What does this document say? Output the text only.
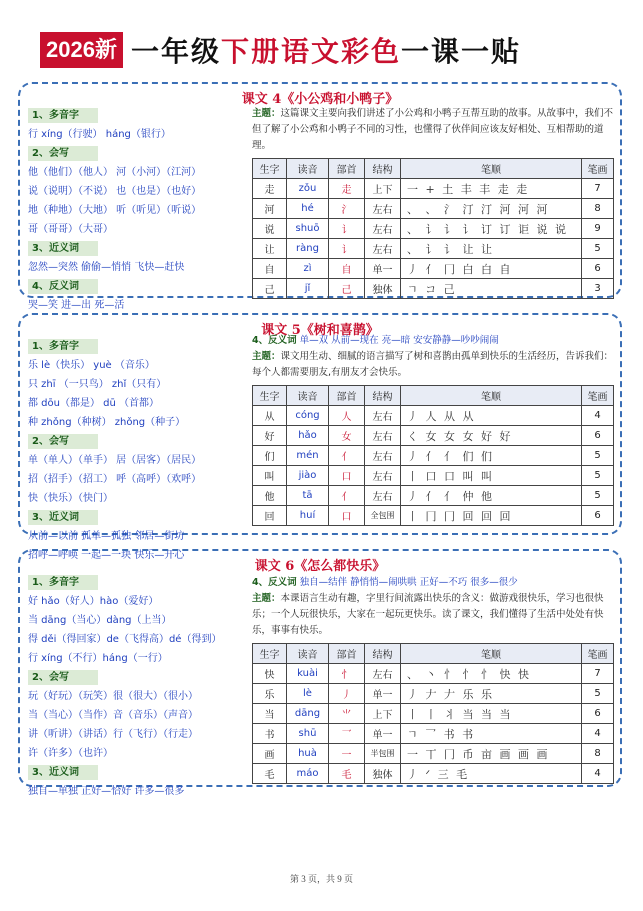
2026新 一年级下册语文彩色一课一贴
课文 4《小公鸡和小鸭子》
1、多音字
行 xíng（行驶） háng（银行）
2、会写
他（他们）（他人） 河（小河）（江河）
说（说明）（不说） 也（也是）（也好）
地（种地）（大地） 听（听见）（听说）
哥（哥哥）（大哥）
3、近义词
忽然—突然 偷偷—悄悄 飞快—赶快
4、反义词
哭—笑 进—出 死—活
主题：这篇课文主要向我们讲述了小公鸡和小鸭子互帮互助的故事。从故事中，我们不但了解了小公鸡和小鸭子不同的习性，也懂得了伙伴间应该友好相处、互相帮助的道理。
生字	读音	部首	结构	笔顺	笔画
走	zǒu	走	上下	一 + 土 丰 丰 走 走	7
河	hé	氵	左右	、 、 氵 汀 汀 河 河 河	8
说	shuō	讠	左右	、 讠 讠 讠 订 订 讵 说 说	9
让	ràng	讠	左右	、 讠 讠 让 让	5
自	zì	自	单一	丿 亻 冂 白 白 自	6
己	jǐ	己	独体	ㄱ コ 己	3
课文 5《树和喜鹊》
1、多音字
乐 lè（快乐） yuè （音乐）
只 zhī （一只鸟） zhǐ（只有）
都 dōu（都是） dū （首都）
种 zhǒng（种树） zhǒng（种子）
2、会写
单（单人）（单手） 居（居客）（居民）
招（招手）（招工） 呼（高呼）（欢呼）
快（快乐）（快门）
3、近义词
从前—以前 孤单—孤独 邻居—街坊
招呼—呼唤 一起—一块 快乐—开心
4、反义词 单—双 从前—现在 亮—暗 安安静静—吵吵闹闹
主题：课文用生动、细腻的语言描写了树和喜鹊由孤单到快乐的生活经历，告诉我们：每个人都需要朋友,有朋友才会快乐。
生字	读音	部首	结构	笔顺	笔画
从	cóng	人	左右	丿 人 从 从	4
好	hǎo	女	左右	く 女 女 女 好 好	6
们	mén	亻	左右	丿 亻 亻 们 们	5
叫	jiào	口	左右	丨 口 口 叫 叫	5
他	tā	亻	左右	丿 亻 亻 仲 他	5
回	huí	口	全包围	丨 冂 冂 回 回 回	6
课文 6《怎么都快乐》
1、多音字
好 hǎo（好人）hào（爱好）
当 dāng（当心）dàng（上当）
得 děi（得回家）de（飞得高）dé（得到）
行 xíng（不行）háng（一行）
2、会写
玩（好玩）（玩笑）很（很大）（很小）
当（当心）（当作）音（音乐）（声音）
讲（听讲）（讲话）行（飞行）（行走）
许（许多）（也许）
3、近义词
独自—单独 正好—恰好 许多—很多
4、反义词 独自—结伴 静悄悄—闹哄哄 正好—不巧 很多—很少
主题：本课语言生动有趣，字里行间流露出快乐的含义：做游戏很快乐，学习也很快乐；一个人玩很快乐，大家在一起玩更快乐。读了课文，我们懂得了生活中处处有快乐，事事有快乐。
生字	读音	部首	结构	笔顺	笔画
快	kuài	忄	左右	、 丶 忄 忄 忄 快 快	7
乐	lè	丿	单一	丿 𠂇 𠂇 乐 乐	5
当	dāng	⺌	上下	丨 丨 丬 当 当 当	6
书	shū	乛	单一	ㄱ 乛 书 书	4
画	huà	一	半包围	一 丅 冂 币 亩 画 画 画	8
毛	máo	毛	独体	丿 ᐟ 三 毛	4
第 3 页，共 9 页
